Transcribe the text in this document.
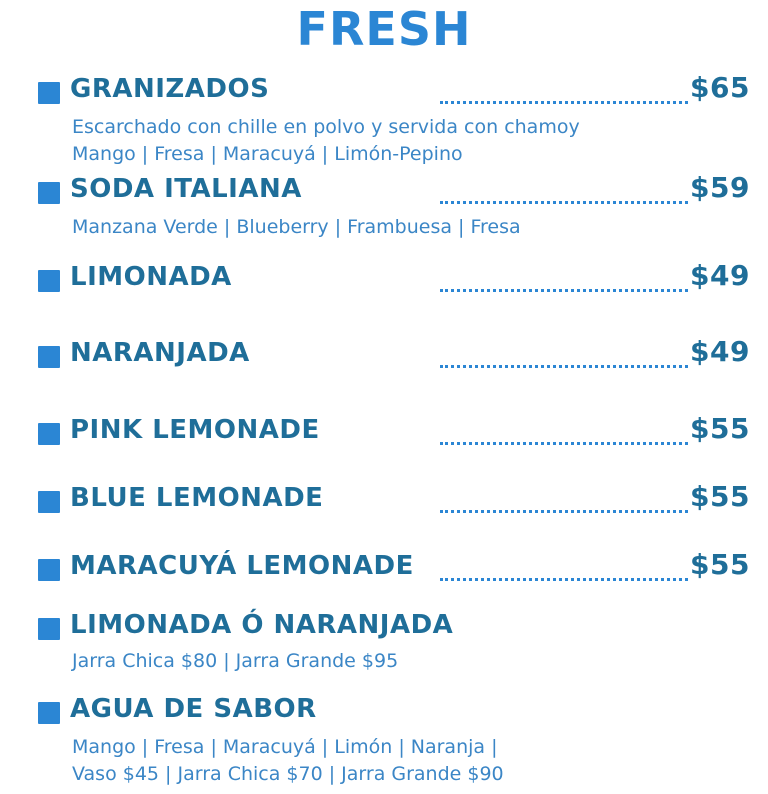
FRESH
GRANIZADOS	$65
Escarchado con chille en polvo y servida con chamoy
Mango | Fresa | Maracuyá | Limón-Pepino
SODA ITALIANA	$59
Manzana Verde | Blueberry | Frambuesa | Fresa
LIMONADA	$49
NARANJADA	$49
PINK LEMONADE	$55
BLUE LEMONADE	$55
MARACUYÁ LEMONADE	$55
LIMONADA Ó NARANJADA
Jarra Chica $80 | Jarra Grande $95
AGUA DE SABOR
Mango | Fresa | Maracuyá | Limón | Naranja |
Vaso $45 | Jarra Chica $70 | Jarra Grande $90
